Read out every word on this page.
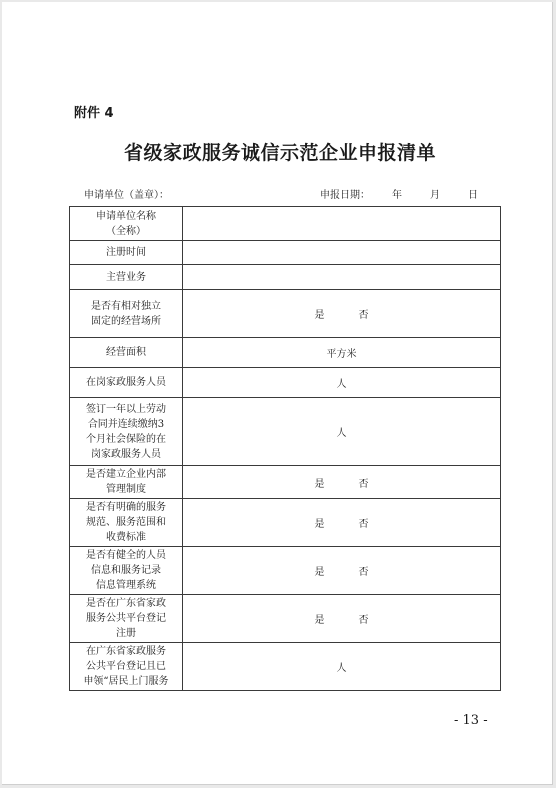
附件 4
省级家政服务诚信示范企业申报清单
申请单位（盖章）：	申报日期： 年	月	日
申请单位名称
（全称）	

注册时间	

主营业务	

是否有相对独立
固定的经营场所	是 否

经营面积	平方米

在岗家政服务人员	人

签订一年以上劳动
合同并连续缴纳3
个月社会保险的在
岗家政服务人员	人

是否建立企业内部
管理制度	是 否

是否有明确的服务
规范、服务范围和
收费标准	是 否

是否有健全的人员
信息和服务记录
信息管理系统	是 否

是否在广东省家政
服务公共平台登记
注册	是 否

在广东省家政服务
公共平台登记且已
申领“居民上门服务	人
- 13 -
